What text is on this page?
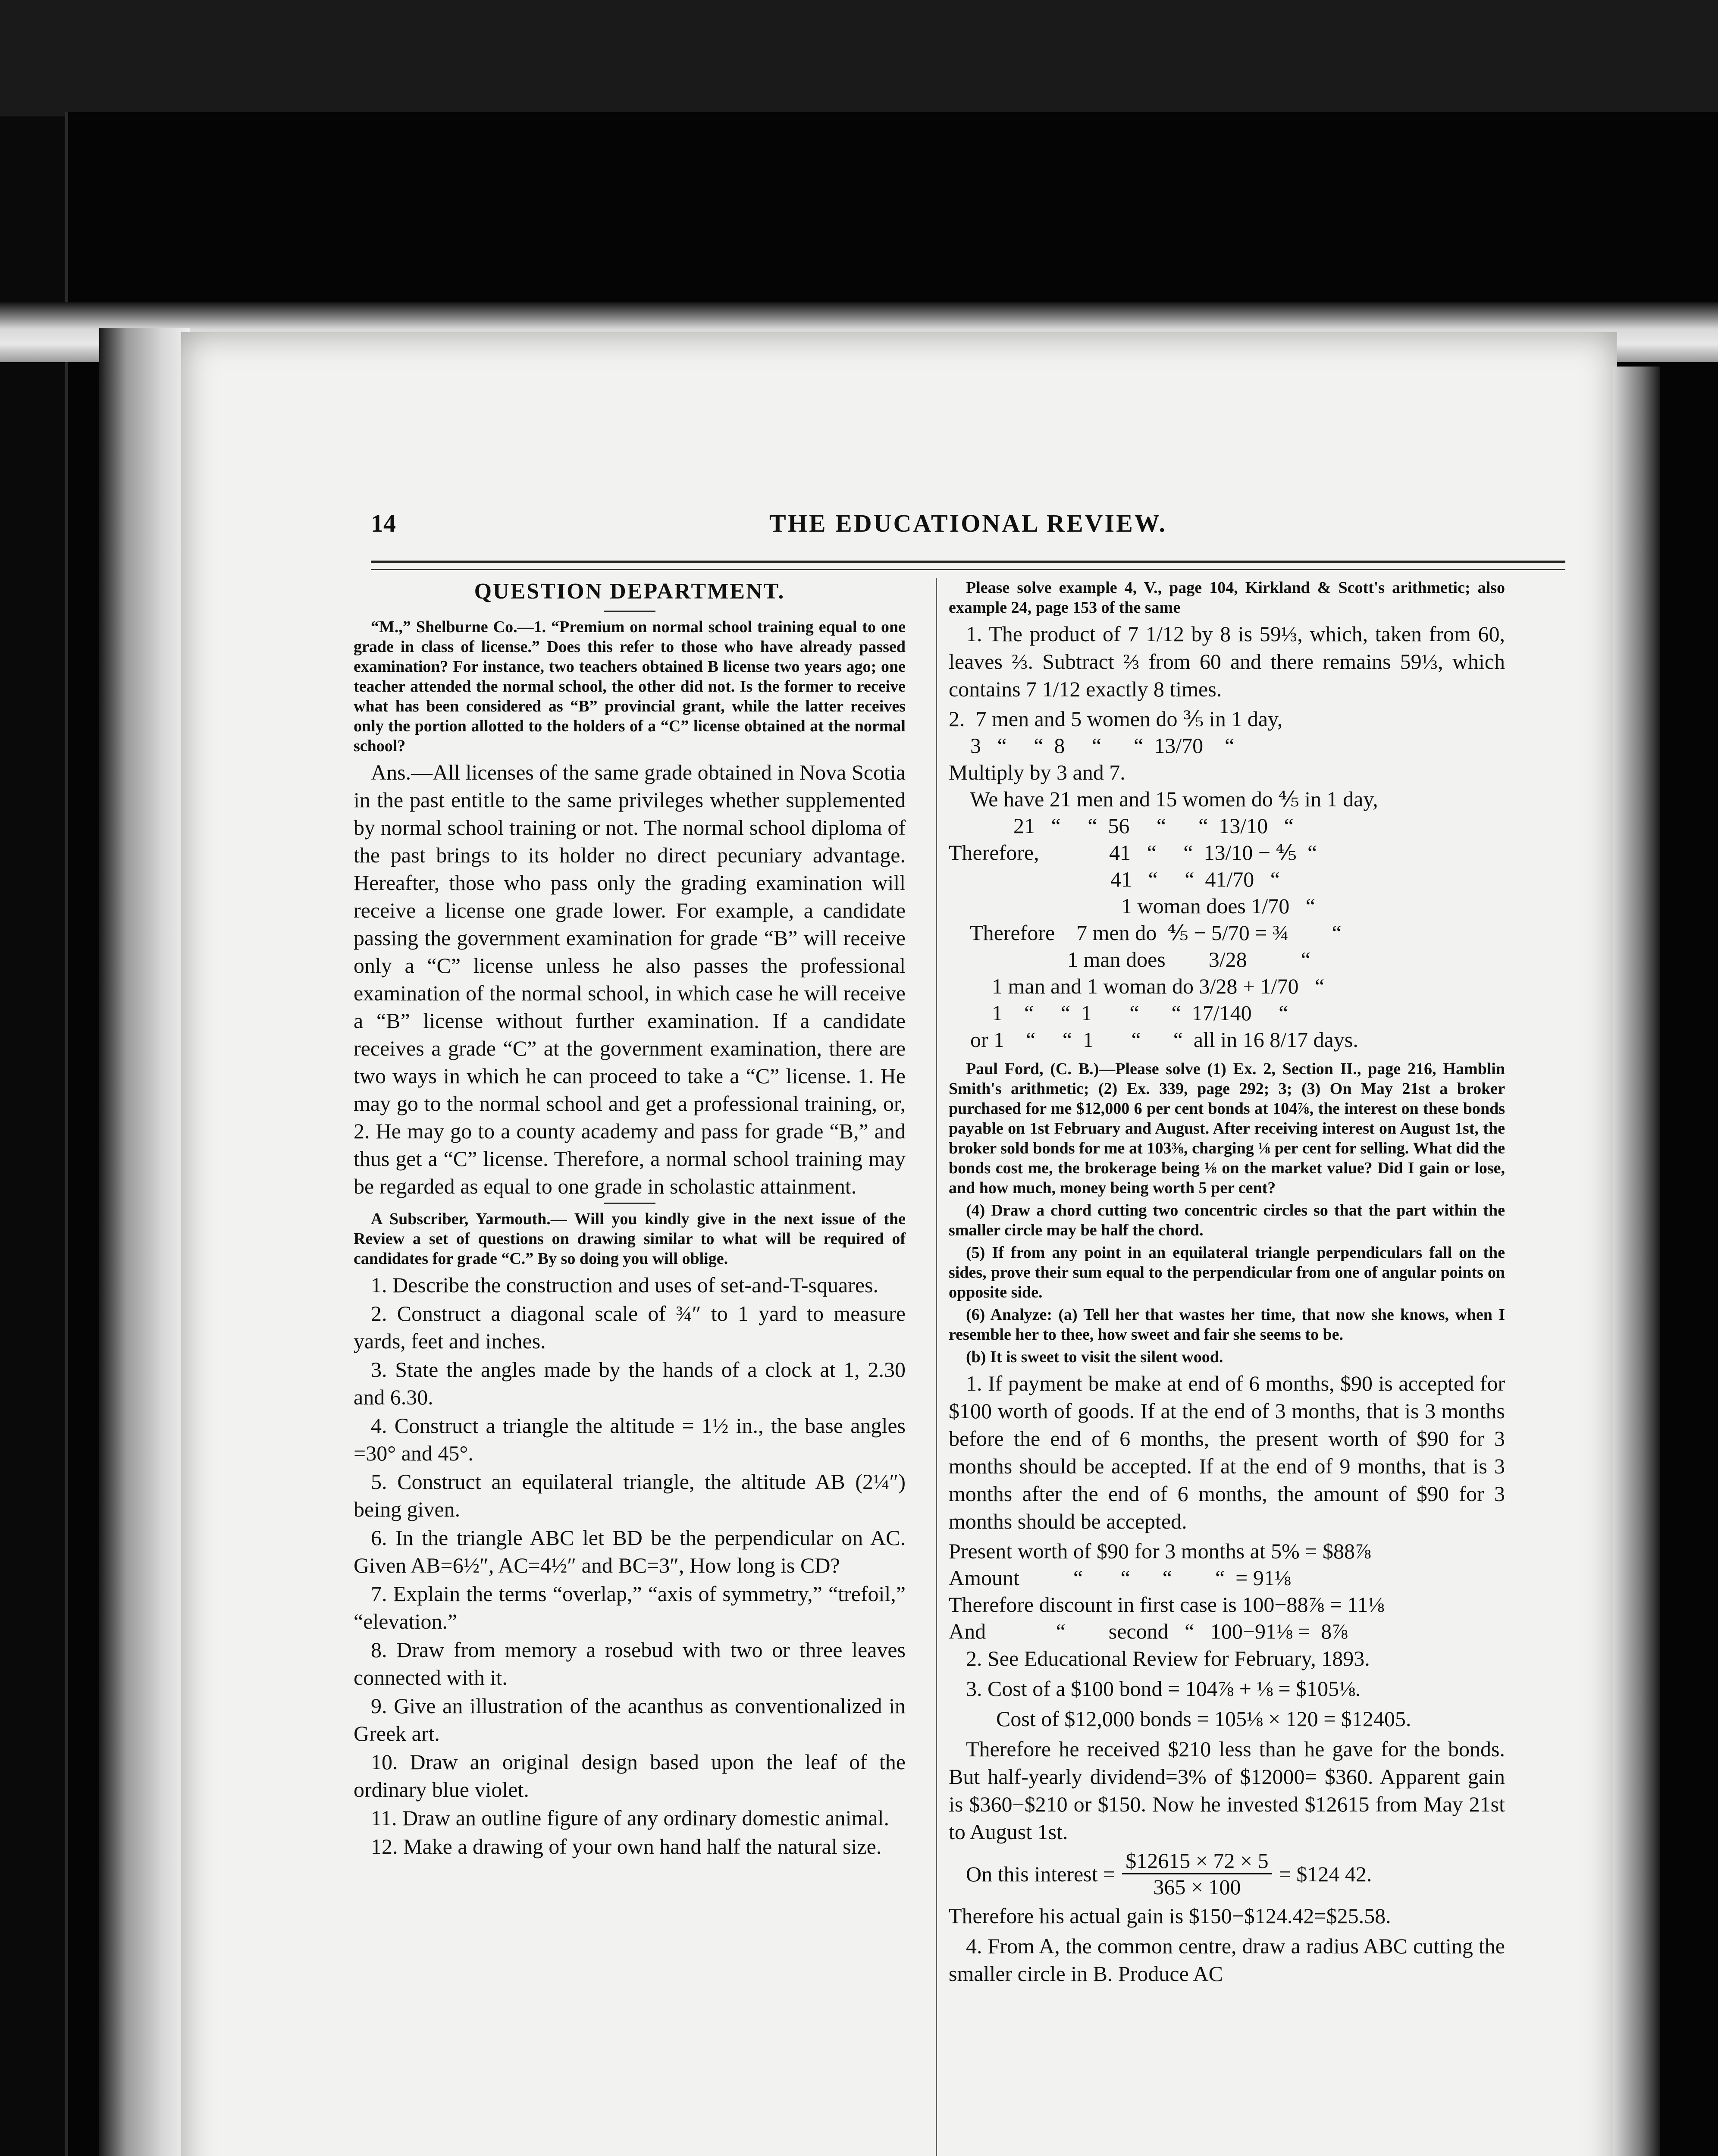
THE EDUCATIONAL REVIEW.
14
QUESTION DEPARTMENT.

“M.,” Shelburne Co.—1. “Premium on normal school training equal to one grade in class of license.” Does this refer to those who have already passed examination? For instance, two teachers obtained B license two years ago; one teacher attended the normal school, the other did not. Is the former to receive what has been considered as “B” provincial grant, while the latter receives only the portion allotted to the holders of a “C” license obtained at the normal school?

Ans.—All licenses of the same grade obtained in Nova Scotia in the past entitle to the same privileges whether supplemented by normal school training or not. The normal school diploma of the past brings to its holder no direct pecuniary advantage. Hereafter, those who pass only the grading examination will receive a license one grade lower. For example, a candidate passing the government examination for grade “B” will receive only a “C” license unless he also passes the professional examination of the normal school, in which case he will receive a “B” license without further examination. If a candidate receives a grade “C” at the government examination, there are two ways in which he can proceed to take a “C” license. 1. He may go to the normal school and get a professional training, or, 2. He may go to a county academy and pass for grade “B,” and thus get a “C” license. Therefore, a normal school training may be regarded as equal to one grade in scholastic attainment.

A Subscriber, Yarmouth.— Will you kindly give in the next issue of the Review a set of questions on drawing similar to what will be required of candidates for grade “C.” By so doing you will oblige.

1. Describe the construction and uses of set-and-T-squares.

2. Construct a diagonal scale of ¾″ to 1 yard to measure yards, feet and inches.

3. State the angles made by the hands of a clock at 1, 2.30 and 6.30.

4. Construct a triangle the altitude = 1½ in., the base angles =30° and 45°.

5. Construct an equilateral triangle, the altitude AB (2¼″) being given.

6. In the triangle ABC let BD be the perpendicular on AC. Given AB=6½″, AC=4½″ and BC=3″, How long is CD?

7. Explain the terms “overlap,” “axis of symmetry,” “trefoil,” “elevation.”

8. Draw from memory a rosebud with two or three leaves connected with it.

9. Give an illustration of the acanthus as conventionalized in Greek art.

10. Draw an original design based upon the leaf of the ordinary blue violet.

11. Draw an outline figure of any ordinary domestic animal.

12. Make a drawing of your own hand half the natural size.

Please solve example 4, V., page 104, Kirkland & Scott's arithmetic; also example 24, page 153 of the same

1. The product of 7 1/12 by 8 is 59⅓, which, taken from 60, leaves ⅔. Subtract ⅔ from 60 and there remains 59⅓, which contains 7 1/12 exactly 8 times.

2.  7 men and 5 women do ⅗ in 1 day,
3   “     “  8     “      “  13/70    “
Multiply by 3 and 7.
We have 21 men and 15 women do ⅘ in 1 day,
21   “     “  56     “      “  13/10   “
Therefore,             41   “     “  13/10 − ⅘  “
41   “     “  41/70   “
1 woman does 1/70   “
Therefore    7 men do  ⅘ − 5/70 = ¾        “
1 man does        3/28          “
1 man and 1 woman do 3/28 + 1/70   “
1    “     “  1       “      “  17/140     “
or 1    “     “  1       “      “  all in 16 8/17 days.

Paul Ford, (C. B.)—Please solve (1) Ex. 2, Section II., page 216, Hamblin Smith's arithmetic; (2) Ex. 339, page 292; 3; (3) On May 21st a broker purchased for me $12,000 6 per cent bonds at 104⅞, the interest on these bonds payable on 1st February and August. After receiving interest on August 1st, the broker sold bonds for me at 103⅜, charging ⅛ per cent for selling. What did the bonds cost me, the brokerage being ⅛ on the market value? Did I gain or lose, and how much, money being worth 5 per cent?

(4) Draw a chord cutting two concentric circles so that the part within the smaller circle may be half the chord.

(5) If from any point in an equilateral triangle perpendiculars fall on the sides, prove their sum equal to the perpendicular from one of angular points on opposite side.

(6) Analyze: (a) Tell her that wastes her time, that now she knows, when I resemble her to thee, how sweet and fair she seems to be.

(b) It is sweet to visit the silent wood.

1. If payment be make at end of 6 months, $90 is accepted for $100 worth of goods. If at the end of 3 months, that is 3 months before the end of 6 months, the present worth of $90 for 3 months should be accepted. If at the end of 9 months, that is 3 months after the end of 6 months, the amount of $90 for 3 months should be accepted.

Present worth of $90 for 3 months at 5% = $88⅞
Amount          “       “      “        “  = 91⅛
Therefore discount in first case is 100−88⅞ = 11⅛
And             “        second   “   100−91⅛ =  8⅞

2. See Educational Review for February, 1893.

3. Cost of a $100 bond = 104⅞ + ⅛ = $105⅛.

Cost of $12,000 bonds = 105⅛ × 120 = $12405.

Therefore he received $210 less than he gave for the bonds. But half-yearly dividend=3% of $12000= $360. Apparent gain is $360−$210 or $150. Now he invested $12615 from May 21st to August 1st.

On this interest = $\frac{\$12615 \times 72 \times 5}{365 \times 100}$ = $124 42.

Therefore his actual gain is $150−$124.42=$25.58.

4. From A, the common centre, draw a radius ABC cutting the smaller circle in B. Produce AC
